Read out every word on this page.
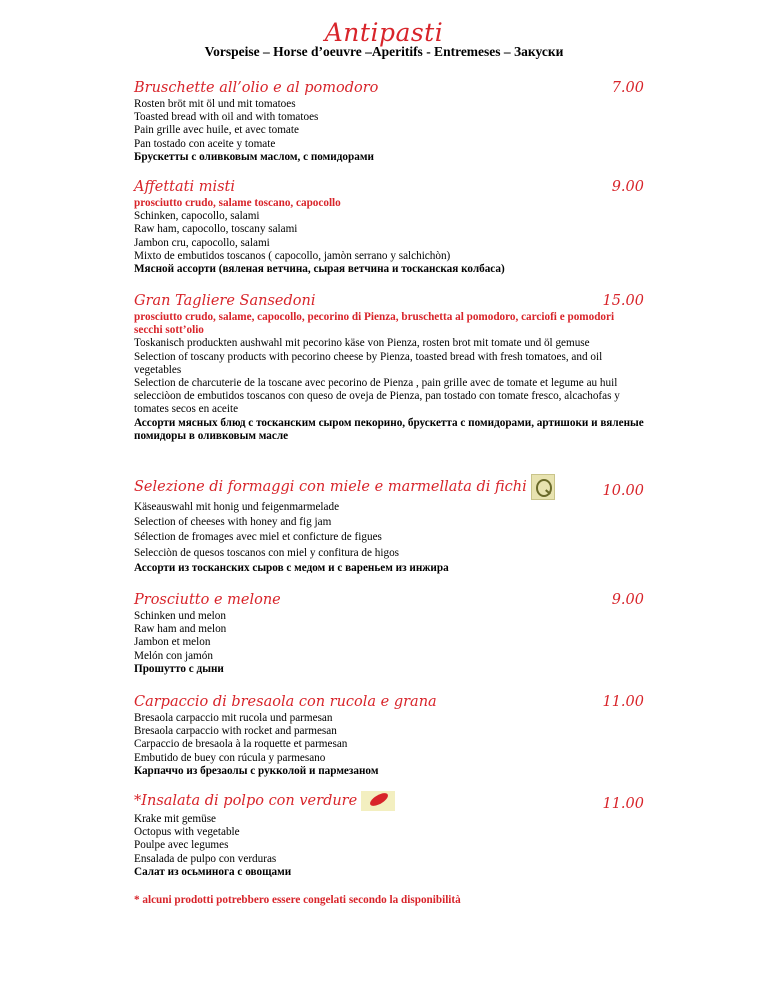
Antipasti
Vorspeise – Horse d’oeuvre –Aperitifs - Entremeses – Закуски
Bruschette all’olio e al pomodoro	7.00
Rosten bröt mit öl und mit tomatoes
Toasted bread with oil and with tomatoes
Pain grille avec huile, et avec tomate
Pan tostado con aceite y tomate
Брускетты с оливковым маслом, с помидорами
Affettati misti	9.00
prosciutto crudo, salame toscano, capocollo
Schinken, capocollo, salami
Raw ham, capocollo, toscany salami
Jambon cru, capocollo, salami
Mixto de embutidos toscanos ( capocollo, jamòn serrano y salchichòn)
Мясной ассорти (вяленая ветчина, сырая ветчина и тосканская колбаса)
Gran Tagliere Sansedoni	15.00
prosciutto crudo, salame, capocollo, pecorino di Pienza, bruschetta al pomodoro, carciofi e pomodori secchi sott’olio
Toskanisch produckten aushwahl mit pecorino käse von Pienza, rosten brot mit tomate und öl gemuse
Selection of toscany products with pecorino cheese by Pienza, toasted bread with fresh tomatoes, and oil vegetables
Selection de charcuterie de la toscane avec pecorino de Pienza , pain grille avec de tomate et legume au huil
selecciòon de embutidos toscanos con queso de oveja de Pienza, pan tostado con tomate fresco, alcachofas y tomates secos en aceite
Ассорти мясных блюд с тосканским сыром пекорино, брускетта с помидорами, артишоки и вяленые помидоры в оливковым масле
Selezione di formaggi con miele e marmellata di fichi	10.00
Käseauswahl mit honig und feigenmarmelade
Selection of cheeses with honey and fig jam
Sélection de fromages avec miel et conficture de figues
Selecciòn de quesos toscanos con miel y confitura de higos
Ассорти из тосканских сыров с медом и с вареньем из инжира
Prosciutto e melone	9.00
Schinken und melon
Raw ham and melon
Jambon et melon
Melón con jamón
Прошутто с дыни
Carpaccio di bresaola con rucola e grana	11.00
Bresaola carpaccio mit rucola und parmesan
Bresaola carpaccio with rocket and parmesan
Carpaccio de bresaola à la roquette et parmesan
Embutido de buey con rúcula y parmesano
Карпаччо из брезаолы с рукколой и пармезаном
*Insalata di polpo con verdure	11.00
Krake mit gemüse
Octopus with vegetable
Poulpe avec legumes
Ensalada de pulpo con verduras
Салат из осьминога с овощами
* alcuni prodotti potrebbero essere congelati secondo la disponibilità
